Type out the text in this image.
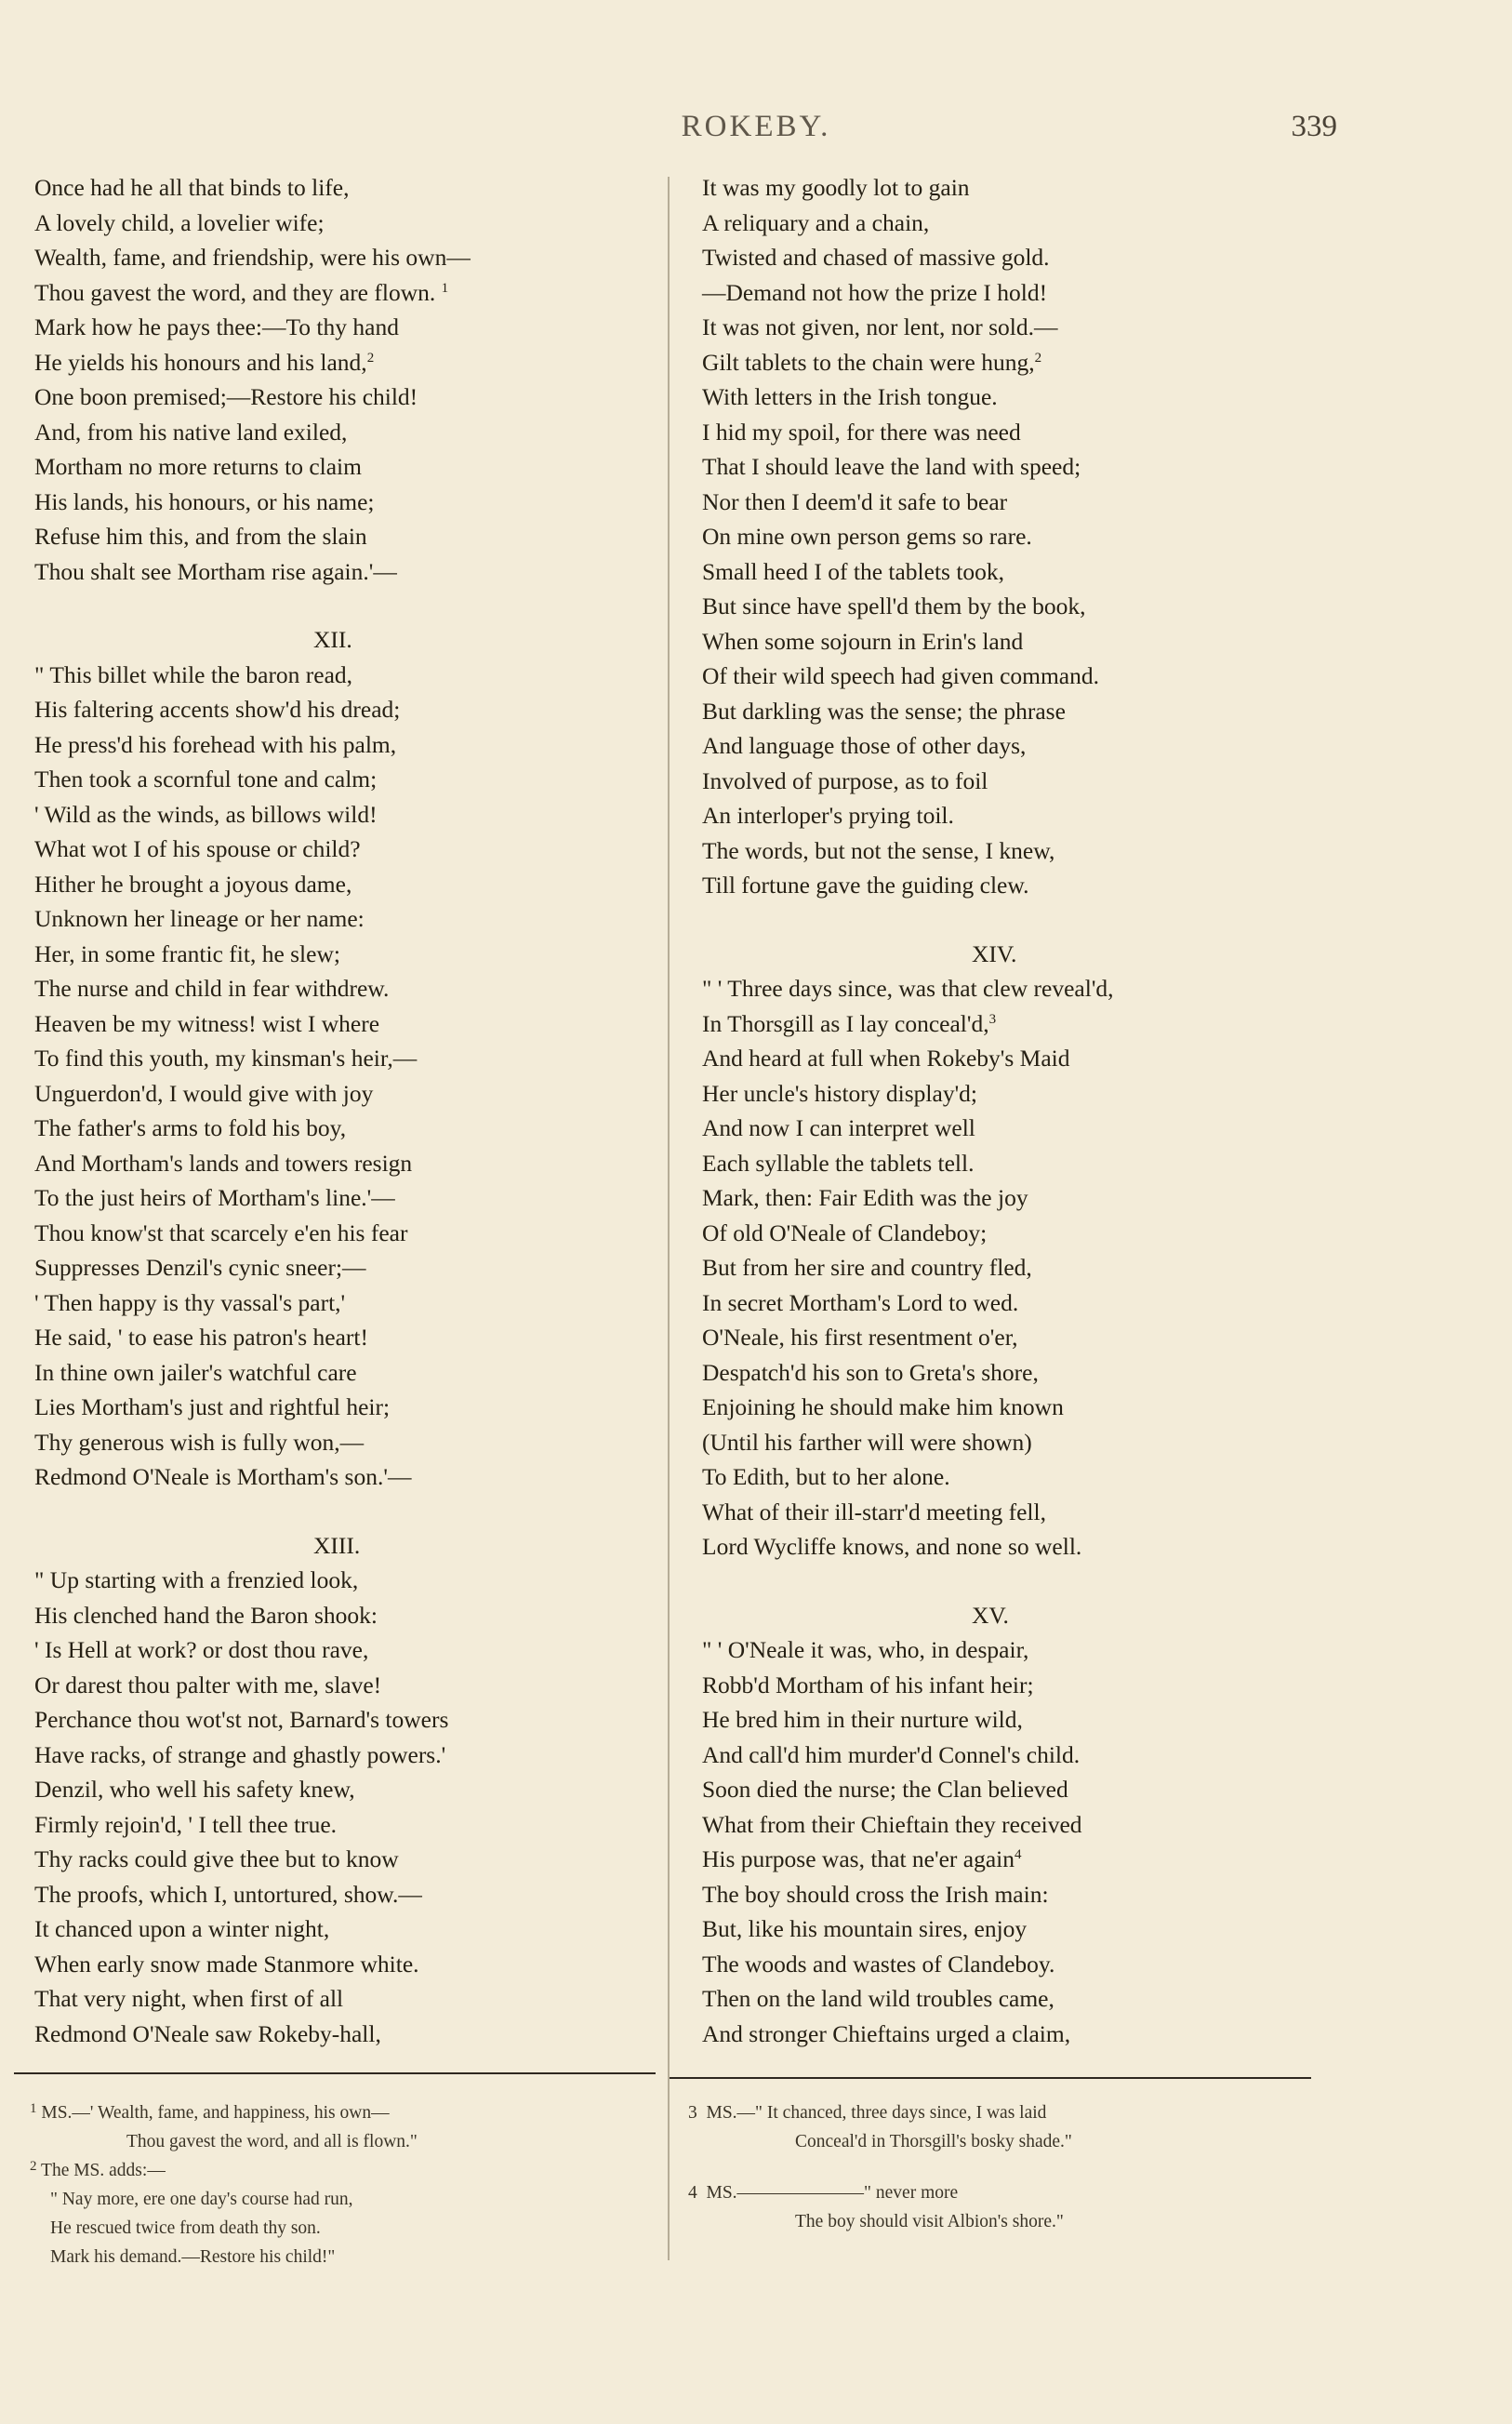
ROKEBY.	339
Once had he all that binds to life,
A lovely child, a lovelier wife;
Wealth, fame, and friendship, were his own—
Thou gavest the word, and they are flown. $^1$
Mark how he pays thee:—To thy hand
He yields his honours and his land,$^2$
One boon premised;—Restore his child!
And, from his native land exiled,
Mortham no more returns to claim
His lands, his honours, or his name;
Refuse him this, and from the slain
Thou shalt see Mortham rise again.'—
XII.
" This billet while the baron read,
His faltering accents show'd his dread;
He press'd his forehead with his palm,
Then took a scornful tone and calm;
' Wild as the winds, as billows wild!
What wot I of his spouse or child?
Hither he brought a joyous dame,
Unknown her lineage or her name:
Her, in some frantic fit, he slew;
The nurse and child in fear withdrew.
Heaven be my witness! wist I where
To find this youth, my kinsman's heir,—
Unguerdon'd, I would give with joy
The father's arms to fold his boy,
And Mortham's lands and towers resign
To the just heirs of Mortham's line.'—
Thou know'st that scarcely e'en his fear
Suppresses Denzil's cynic sneer;—
' Then happy is thy vassal's part,'
He said, ' to ease his patron's heart!
In thine own jailer's watchful care
Lies Mortham's just and rightful heir;
Thy generous wish is fully won,—
Redmond O'Neale is Mortham's son.'—
XIII.
" Up starting with a frenzied look,
His clenched hand the Baron shook:
' Is Hell at work? or dost thou rave,
Or darest thou palter with me, slave!
Perchance thou wot'st not, Barnard's towers
Have racks, of strange and ghastly powers.'
Denzil, who well his safety knew,
Firmly rejoin'd, ' I tell thee true.
Thy racks could give thee but to know
The proofs, which I, untortured, show.—
It chanced upon a winter night,
When early snow made Stanmore white.
That very night, when first of all
Redmond O'Neale saw Rokeby-hall,
It was my goodly lot to gain
A reliquary and a chain,
Twisted and chased of massive gold.
—Demand not how the prize I hold!
It was not given, nor lent, nor sold.—
Gilt tablets to the chain were hung,$^2$
With letters in the Irish tongue.
I hid my spoil, for there was need
That I should leave the land with speed;
Nor then I deem'd it safe to bear
On mine own person gems so rare.
Small heed I of the tablets took,
But since have spell'd them by the book,
When some sojourn in Erin's land
Of their wild speech had given command.
But darkling was the sense; the phrase
And language those of other days,
Involved of purpose, as to foil
An interloper's prying toil.
The words, but not the sense, I knew,
Till fortune gave the guiding clew.
XIV.
" ' Three days since, was that clew reveal'd,
In Thorsgill as I lay conceal'd,$^3$
And heard at full when Rokeby's Maid
Her uncle's history display'd;
And now I can interpret well
Each syllable the tablets tell.
Mark, then: Fair Edith was the joy
Of old O'Neale of Clandeboy;
But from her sire and country fled,
In secret Mortham's Lord to wed.
O'Neale, his first resentment o'er,
Despatch'd his son to Greta's shore,
Enjoining he should make him known
(Until his farther will were shown)
To Edith, but to her alone.
What of their ill-starr'd meeting fell,
Lord Wycliffe knows, and none so well.
XV.
" ' O'Neale it was, who, in despair,
Robb'd Mortham of his infant heir;
He bred him in their nurture wild,
And call'd him murder'd Connel's child.
Soon died the nurse; the Clan believed
What from their Chieftain they received
His purpose was, that ne'er again$^4$
The boy should cross the Irish main:
But, like his mountain sires, enjoy
The woods and wastes of Clandeboy.
Then on the land wild troubles came,
And stronger Chieftains urged a claim,
$^1$ MS.—' Wealth, fame, and happiness, his own—
Thou gavest the word, and all is flown."
$^2$ The MS. adds:—
" Nay more, ere one day's course had run,
He rescued twice from death thy son.
Mark his demand.—Restore his child!"
3 MS.—" It chanced, three days since, I was laid
Conceal'd in Thorsgill's bosky shade."
4 MS.———————" never more
The boy should visit Albion's shore."
